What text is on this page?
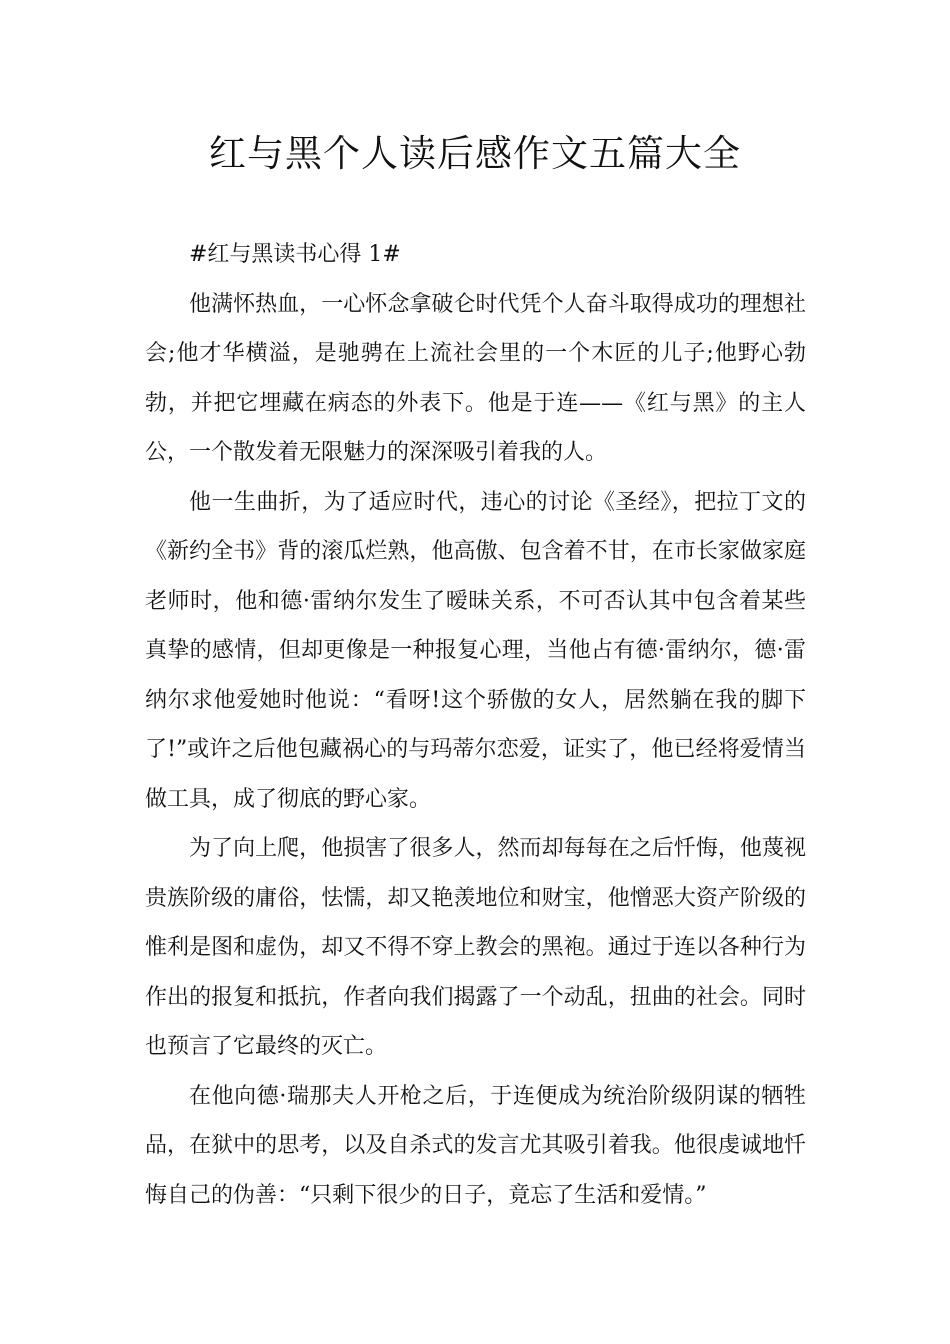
红与黑个人读后感作文五篇大全

#红与黑读书心得 1#

他满怀热血，一心怀念拿破仑时代凭个人奋斗取得成功的理想社会;他才华横溢，是驰骋在上流社会里的一个木匠的儿子;他野心勃勃，并把它埋藏在病态的外表下。他是于连——《红与黑》的主人公，一个散发着无限魅力的深深吸引着我的人。

他一生曲折，为了适应时代，违心的讨论《圣经》，把拉丁文的《新约全书》背的滚瓜烂熟，他高傲、包含着不甘，在市长家做家庭老师时，他和德·雷纳尔发生了暧昧关系，不可否认其中包含着某些真挚的感情，但却更像是一种报复心理，当他占有德·雷纳尔，德·雷纳尔求他爱她时他说：“看呀!这个骄傲的女人，居然躺在我的脚下了!”或许之后他包藏祸心的与玛蒂尔恋爱，证实了，他已经将爱情当做工具，成了彻底的野心家。

为了向上爬，他损害了很多人，然而却每每在之后忏悔，他蔑视贵族阶级的庸俗，怯懦，却又艳羡地位和财宝，他憎恶大资产阶级的惟利是图和虚伪，却又不得不穿上教会的黑袍。通过于连以各种行为作出的报复和抵抗，作者向我们揭露了一个动乱，扭曲的社会。同时也预言了它最终的灭亡。

在他向德·瑞那夫人开枪之后，于连便成为统治阶级阴谋的牺牲品，在狱中的思考，以及自杀式的发言尤其吸引着我。他很虔诚地忏悔自己的伪善：“只剩下很少的日子，竟忘了生活和爱情。”
